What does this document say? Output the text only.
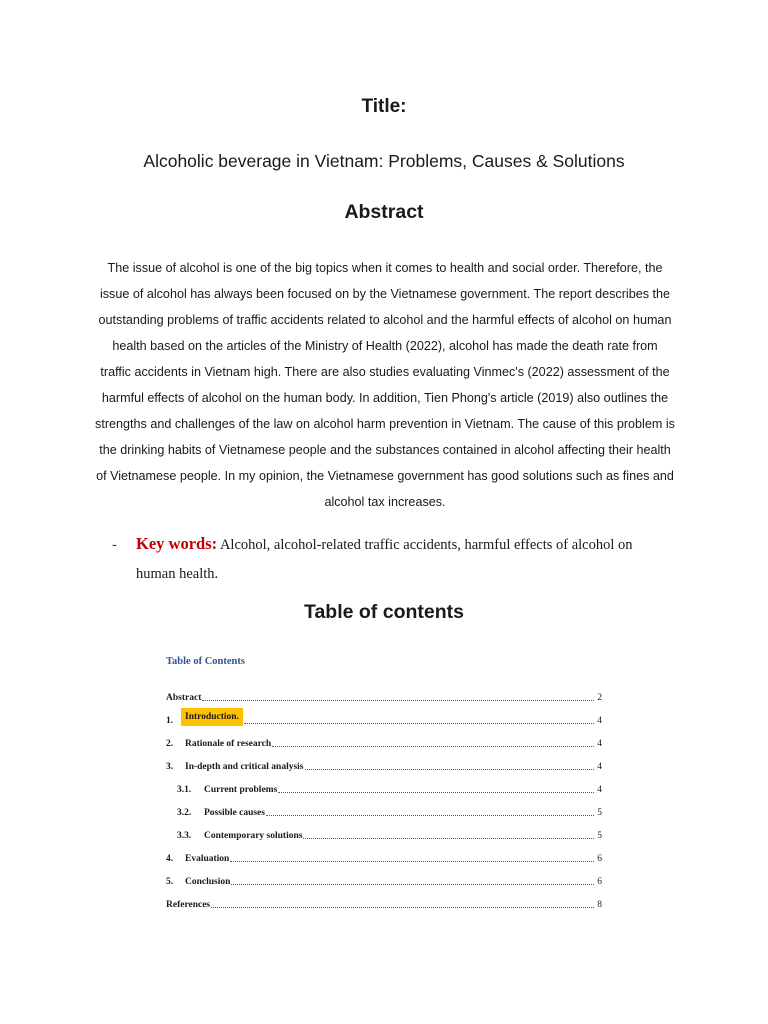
Title:
Alcoholic beverage in Vietnam: Problems, Causes & Solutions
Abstract
The issue of alcohol is one of the big topics when it comes to health and social order. Therefore, the
issue of alcohol has always been focused on by the Vietnamese government. The report describes the
outstanding problems of traffic accidents related to alcohol and the harmful effects of alcohol on human
health based on the articles of the Ministry of Health (2022), alcohol has made the death rate from
traffic accidents in Vietnam high. There are also studies evaluating Vinmec's (2022) assessment of the
harmful effects of alcohol on the human body. In addition, Tien Phong's article (2019) also outlines the
strengths and challenges of the law on alcohol harm prevention in Vietnam. The cause of this problem is
the drinking habits of Vietnamese people and the substances contained in alcohol affecting their health
of Vietnamese people. In my opinion, the Vietnamese government has good solutions such as fines and
alcohol tax increases.
- Key words: Alcohol, alcohol-related traffic accidents, harmful effects of alcohol on
human health.
Table of contents
Table of Contents
Abstract	2
1.	Introduction.	4
2.	Rationale of research	4
3.	In-depth and critical analysis	4
3.1.	Current problems	4
3.2.	Possible causes	5
3.3.	Contemporary solutions	5
4.	Evaluation	6
5.	Conclusion	6
References	8
